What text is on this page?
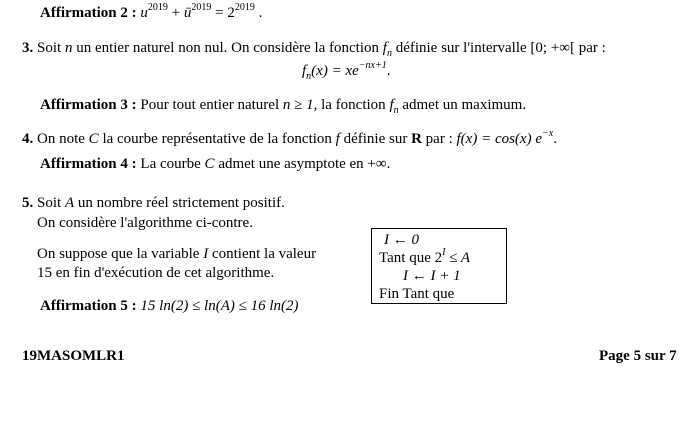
Affirmation 2 : $u^{2019}$ + $ū^{2019} = 2^{2019}$ .
3. Soit n un entier naturel non nul. On considère la fonction $f_n$ définie sur l'intervalle [0; +∞[ par :
$f_n(x) = xe^{-nx+1}$.
Affirmation 3 : Pour tout entier naturel n ≥ 1, la fonction $f_n$ admet un maximum.
4. On note C la courbe représentative de la fonction f définie sur R par : f(x) = cos(x) $e^{-x}$.
Affirmation 4 : La courbe C admet une asymptote en +∞.
5. Soit A un nombre réel strictement positif.
On considère l'algorithme ci-contre.
On suppose que la variable I contient la valeur
15 en fin d'exécution de cet algorithme.
Affirmation 5 : 15 ln(2) ≤ ln(A) ≤ 16 ln(2)
I ← 0
Tant que $2^I \le A$
I ← I + 1
Fin Tant que
19MASOMLR1	Page 5 sur 7
